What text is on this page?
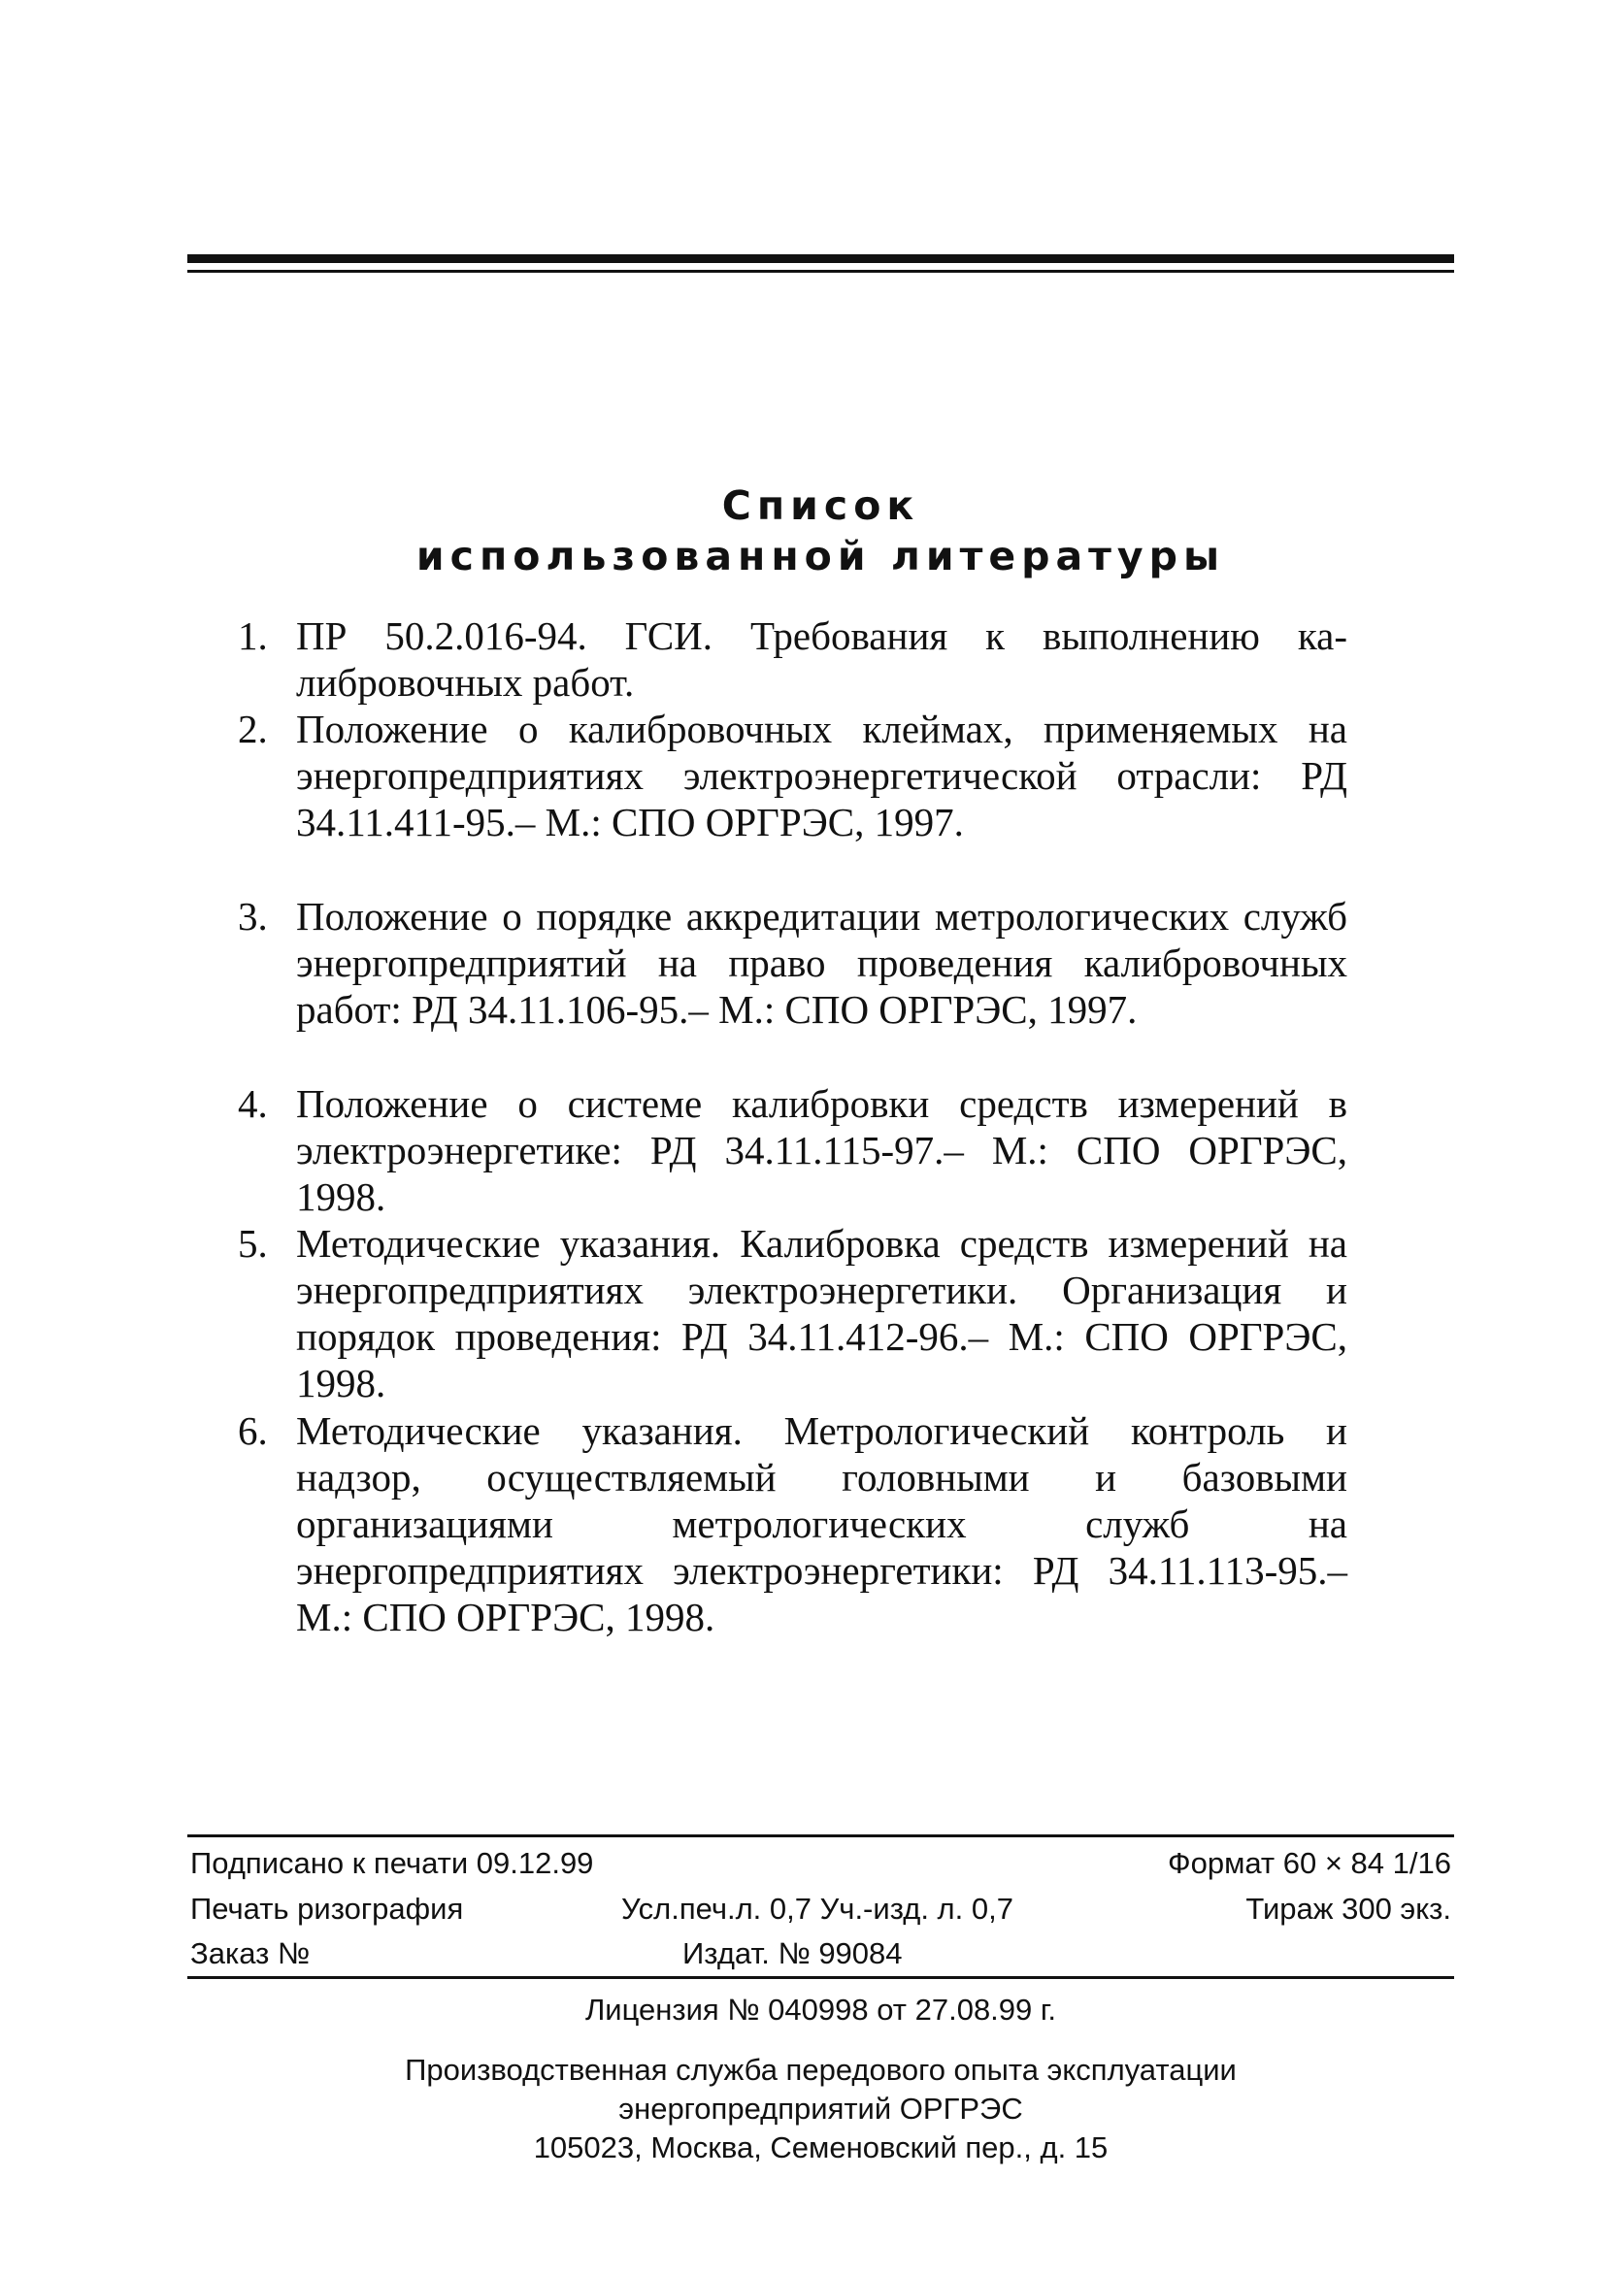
Список
использованной литературы
1. ПР 50.2.016-94. ГСИ. Требования к выполнению калибровочных работ.
2. Положение о калибровочных клеймах, применяемых на энергопредприятиях электроэнергетической отрасли: РД 34.11.411-95.– М.: СПО ОРГРЭС, 1997.
3. Положение о порядке аккредитации метрологических служб энергопредприятий на право проведения калибровочных работ: РД 34.11.106-95.– М.: СПО ОРГРЭС, 1997.
4. Положение о системе калибровки средств измерений в электроэнергетике: РД 34.11.115-97.– М.: СПО ОРГРЭС, 1998.
5. Методические указания. Калибровка средств измерений на энергопредприятиях электроэнергетики. Организация и порядок проведения: РД 34.11.412-96.– М.: СПО ОРГРЭС, 1998.
6. Методические указания. Метрологический контроль и надзор, осуществляемый головными и базовыми организациями метрологических служб на энергопредприятиях электроэнергетики: РД 34.11.113-95.– М.: СПО ОРГРЭС, 1998.
Подписано к печати 09.12.99	Формат 60 × 84 1/16
Печать ризография	Усл.печ.л. 0,7 Уч.-изд. л. 0,7	Тираж 300 экз.
Заказ №	Издат. № 99084
Лицензия № 040998 от 27.08.99 г.
Производственная служба передового опыта эксплуатации
энергопредприятий ОРГРЭС
105023, Москва, Семеновский пер., д. 15
